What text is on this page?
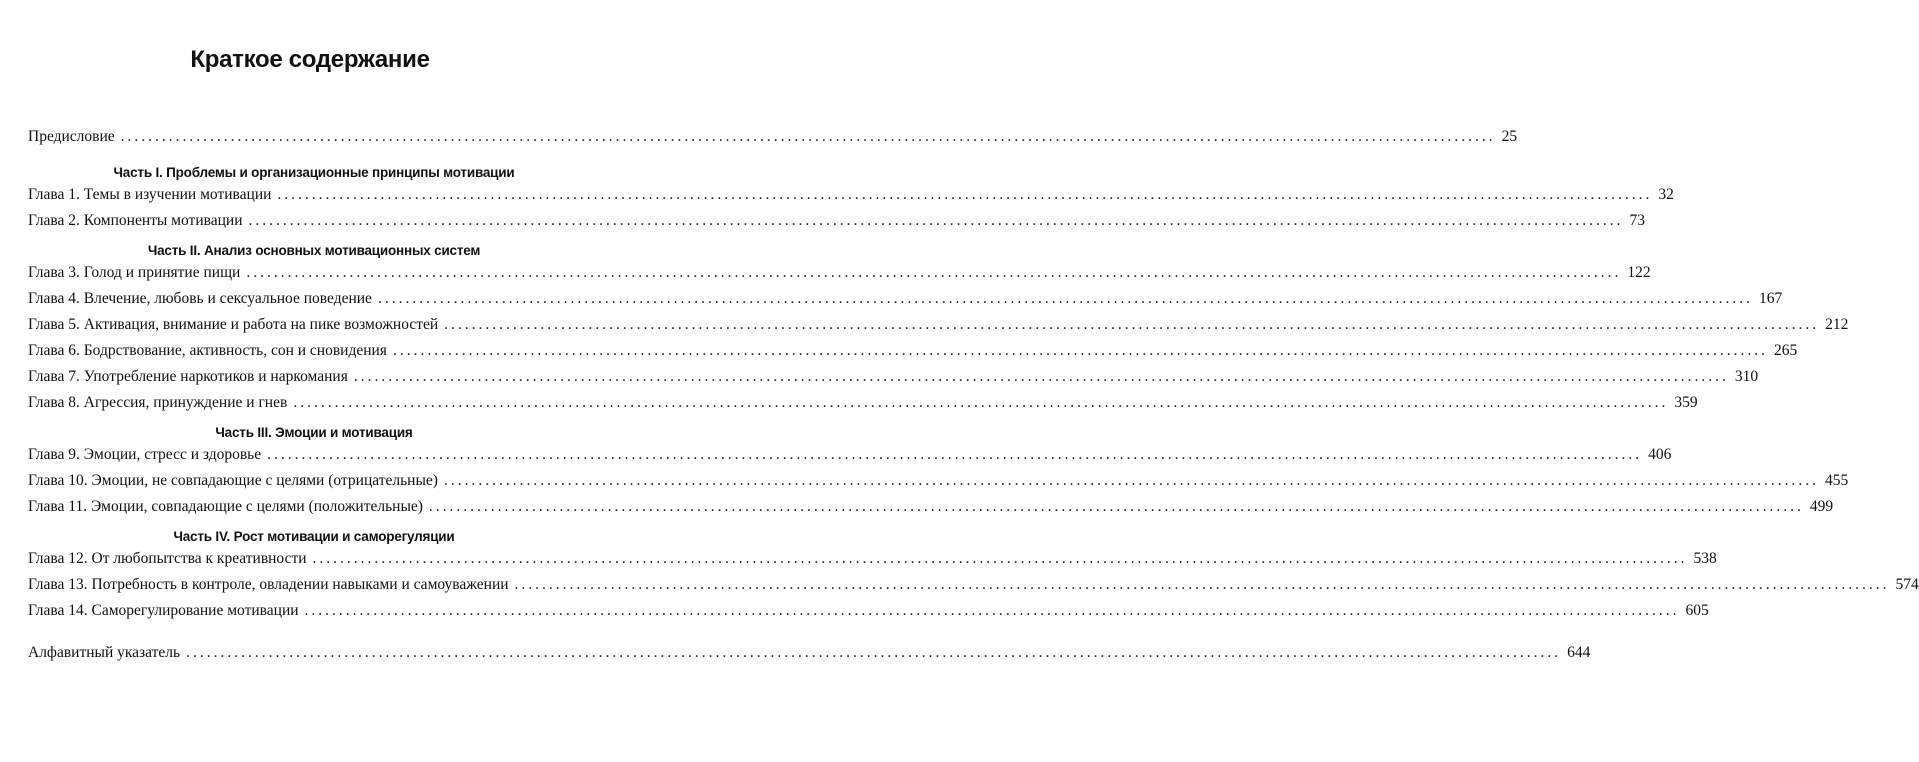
Краткое содержание
Предисловие ........................................................................................................................................................................................................ 25
Часть I. Проблемы и организационные принципы мотивации
Глава 1. Темы в изучении мотивации ........................................................................................................................................................................................................ 32
Глава 2. Компоненты мотивации ........................................................................................................................................................................................................ 73
Часть II. Анализ основных мотивационных систем
Глава 3. Голод и принятие пищи ........................................................................................................................................................................................................ 122
Глава 4. Влечение, любовь и сексуальное поведение ........................................................................................................................................................................................................ 167
Глава 5. Активация, внимание и работа на пике возможностей ........................................................................................................................................................................................................ 212
Глава 6. Бодрствование, активность, сон и сновидения ........................................................................................................................................................................................................ 265
Глава 7. Употребление наркотиков и наркомания ........................................................................................................................................................................................................ 310
Глава 8. Агрессия, принуждение и гнев ........................................................................................................................................................................................................ 359
Часть III. Эмоции и мотивация
Глава 9. Эмоции, стресс и здоровье ........................................................................................................................................................................................................ 406
Глава 10. Эмоции, не совпадающие с целями (отрицательные) ........................................................................................................................................................................................................ 455
Глава 11. Эмоции, совпадающие с целями (положительные) ........................................................................................................................................................................................................ 499
Часть IV. Рост мотивации и саморегуляции
Глава 12. От любопытства к креативности ........................................................................................................................................................................................................ 538
Глава 13. Потребность в контроле, овладении навыками и самоуважении ........................................................................................................................................................................................................ 574
Глава 14. Саморегулирование мотивации ........................................................................................................................................................................................................ 605
Алфавитный указатель ........................................................................................................................................................................................................ 644
